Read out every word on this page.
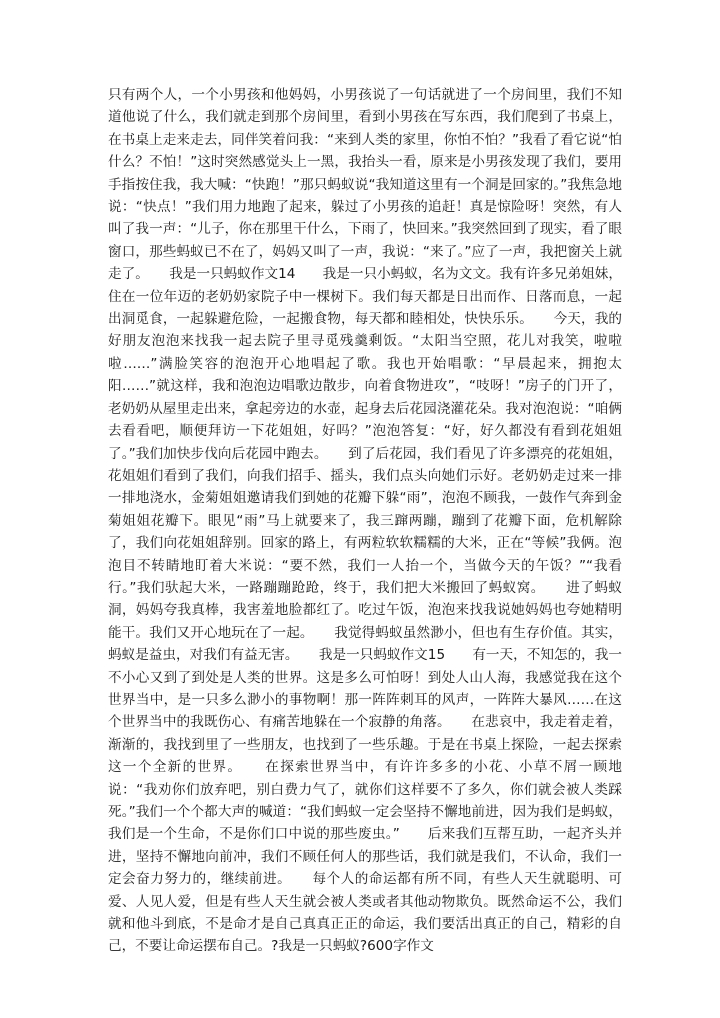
只有两个人，一个小男孩和他妈妈，小男孩说了一句话就进了一个房间里，我们不知道他说了什么，我们就走到那个房间里，看到小男孩在写东西，我们爬到了书桌上，在书桌上走来走去，同伴笑着问我：“来到人类的家里，你怕不怕？”我看了看它说“怕什么？不怕！”这时突然感觉头上一黑，我抬头一看，原来是小男孩发现了我们，要用手指按住我，我大喊：“快跑！”那只蚂蚁说“我知道这里有一个洞是回家的。”我焦急地说：“快点！”我们用力地跑了起来，躲过了小男孩的追赶！真是惊险呀！突然，有人叫了我一声：“儿子，你在那里干什么，下雨了，快回来。”我突然回到了现实，看了眼窗口，那些蚂蚁已不在了，妈妈又叫了一声，我说：“来了。”应了一声，我把窗关上就走了。　　我是一只蚂蚁作文14　　我是一只小蚂蚁，名为文文。我有许多兄弟姐妹，住在一位年迈的老奶奶家院子中一棵树下。我们每天都是日出而作、日落而息，一起出洞觅食，一起躲避危险，一起搬食物，每天都和睦相处，快快乐乐。　　今天，我的好朋友泡泡来找我一起去院子里寻觅残羹剩饭。“太阳当空照，花儿对我笑，啦啦啦……”满脸笑容的泡泡开心地唱起了歌。我也开始唱歌：“早晨起来，拥抱太阳……”就这样，我和泡泡边唱歌边散步，向着食物进攻”，“吱呀！”房子的门开了，老奶奶从屋里走出来，拿起旁边的水壶，起身去后花园浇灌花朵。我对泡泡说：“咱俩去看看吧，顺便拜访一下花姐姐，好吗？”泡泡答复：“好，好久都没有看到花姐姐了。”我们加快步伐向后花园中跑去。　　到了后花园，我们看见了许多漂亮的花姐姐，花姐姐们看到了我们，向我们招手、摇头，我们点头向她们示好。老奶奶走过来一排一排地浇水，金菊姐姐邀请我们到她的花瓣下躲“雨”，泡泡不顾我，一鼓作气奔到金菊姐姐花瓣下。眼见“雨”马上就要来了，我三蹿两蹦，蹦到了花瓣下面，危机解除了，我们向花姐姐辞别。回家的路上，有两粒软软糯糯的大米，正在“等候”我俩。泡泡目不转睛地盯着大米说：“要不然，我们一人抬一个，当做今天的午饭？”“我看行。”我们驮起大米，一路蹦蹦跄跄，终于，我们把大米搬回了蚂蚁窝。　　进了蚂蚁洞，妈妈夸我真棒，我害羞地脸都红了。吃过午饭，泡泡来找我说她妈妈也夸她精明能干。我们又开心地玩在了一起。　　我觉得蚂蚁虽然渺小，但也有生存价值。其实，蚂蚁是益虫，对我们有益无害。　　我是一只蚂蚁作文15　　有一天，不知怎的，我一不小心又到了到处是人类的世界。这是多么可怕呀！到处人山人海，我感觉我在这个世界当中，是一只多么渺小的事物啊！那一阵阵刺耳的风声，一阵阵大暴风……在这个世界当中的我既伤心、有痛苦地躲在一个寂静的角落。　　在悲哀中，我走着走着，渐渐的，我找到里了一些朋友，也找到了一些乐趣。于是在书桌上探险，一起去探索这一个全新的世界。　　在探索世界当中，有许许多多的小花、小草不屑一顾地说：“我劝你们放弃吧，别白费力气了，就你们这样要不了多久，你们就会被人类踩死。”我们一个个都大声的喊道：“我们蚂蚁一定会坚持不懈地前进，因为我们是蚂蚁，我们是一个生命，不是你们口中说的那些废虫。”　　后来我们互帮互助，一起齐头并进，坚持不懈地向前冲，我们不顾任何人的那些话，我们就是我们，不认命，我们一定会奋力努力的，继续前进。　　每个人的命运都有所不同，有些人天生就聪明、可爱、人见人爱，但是有些人天生就会被人类或者其他动物欺负。既然命运不公，我们就和他斗到底，不是命才是自己真真正正的命运，我们要活出真正的自己，精彩的自己，不要让命运摆布自己。?我是一只蚂蚁?600字作文
